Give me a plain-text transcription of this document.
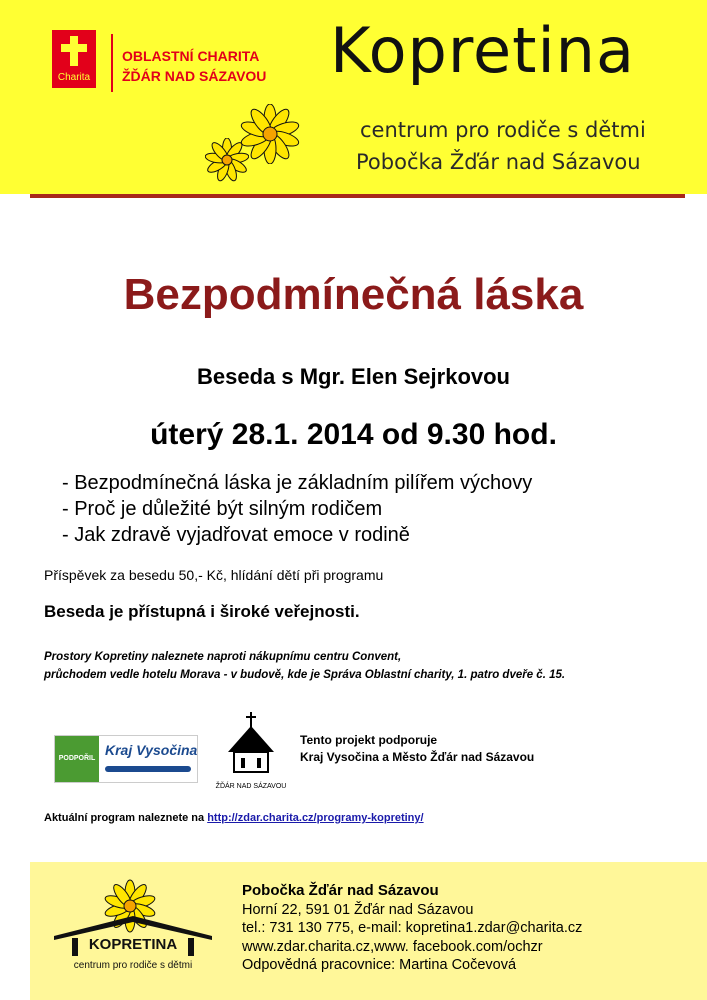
Charita
OBLASTNÍ CHARITA
ŽĎÁR NAD SÁZAVOU Kopretina
centrum pro rodiče s dětmi
Pobočka Žďár nad Sázavou
Bezpodmínečná láska
Beseda s Mgr. Elen Sejrkovou
úterý 28.1. 2014 od 9.30 hod.
- Bezpodmínečná láska je základním pilířem výchovy
- Proč je důležité být silným rodičem
- Jak zdravě vyjadřovat emoce v rodině
Příspěvek za besedu 50,- Kč, hlídání dětí při programu
Beseda je přístupná i široké veřejnosti.
Prostory Kopretiny naleznete naproti nákupnímu centru Convent,
průchodem vedle hotelu Morava - v budově, kde je Správa Oblastní charity, 1. patro dveře č. 15.
PODPOŘIL
Kraj Vysočina
ŽĎÁR NAD SÁZAVOU
Tento projekt podporuje
Kraj Vysočina a Město Žďár nad Sázavou
Aktuální program naleznete na http://zdar.charita.cz/programy-kopretiny/
KOPRETINA
centrum pro rodiče s dětmi
Pobočka Žďár nad Sázavou
Horní 22, 591 01 Žďár nad Sázavou
tel.: 731 130 775, e-mail: kopretina1.zdar@charita.cz
www.zdar.charita.cz,www. facebook.com/ochzr
Odpovědná pracovnice: Martina Cočevová
